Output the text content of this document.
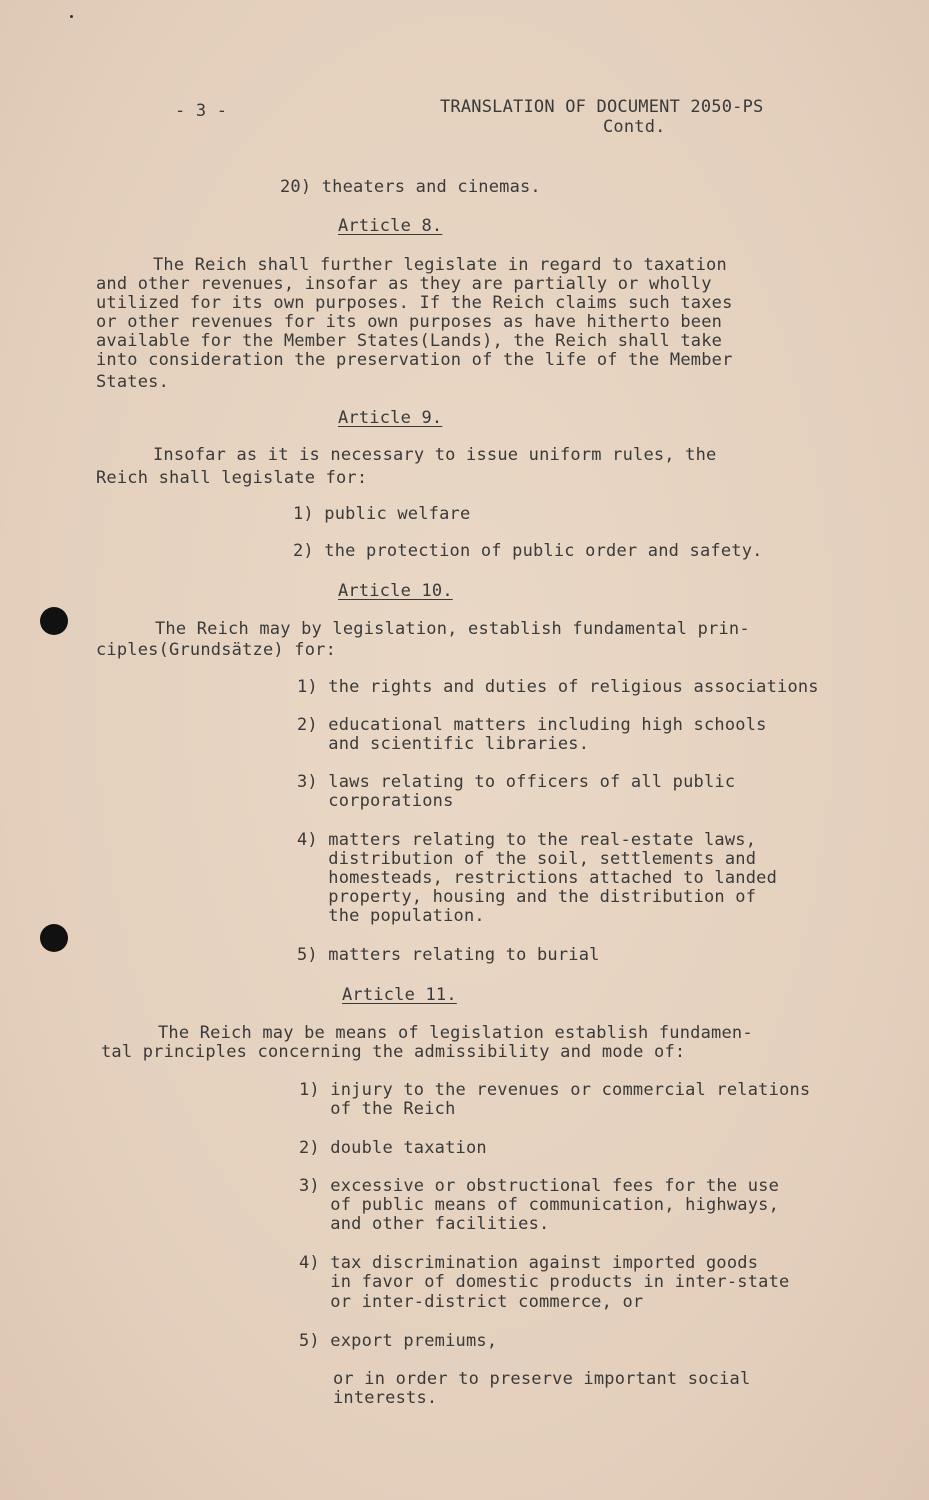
- 3 -	TRANSLATION OF DOCUMENT 2050-PS
Contd.
20) theaters and cinemas.
Article 8.
The Reich shall further legislate in regard to taxation
and other revenues, insofar as they are partially or wholly
utilized for its own purposes. If the Reich claims such taxes
or other revenues for its own purposes as have hitherto been
available for the Member States(Lands), the Reich shall take
into consideration the preservation of the life of the Member
States.
Article 9.
Insofar as it is necessary to issue uniform rules, the
Reich shall legislate for:
1) public welfare
2) the protection of public order and safety.
Article 10.
The Reich may by legislation, establish fundamental prin-
ciples(Grundsätze) for:
1) the rights and duties of religious associations
2) educational matters including high schools
and scientific libraries.
3) laws relating to officers of all public
corporations
4) matters relating to the real-estate laws,
distribution of the soil, settlements and
homesteads, restrictions attached to landed
property, housing and the distribution of
the population.
5) matters relating to burial
Article 11.
The Reich may be means of legislation establish fundamen-
tal principles concerning the admissibility and mode of:
1) injury to the revenues or commercial relations
of the Reich
2) double taxation
3) excessive or obstructional fees for the use
of public means of communication, highways,
and other facilities.
4) tax discrimination against imported goods
in favor of domestic products in inter-state
or inter-district commerce, or
5) export premiums,
or in order to preserve important social
interests.
